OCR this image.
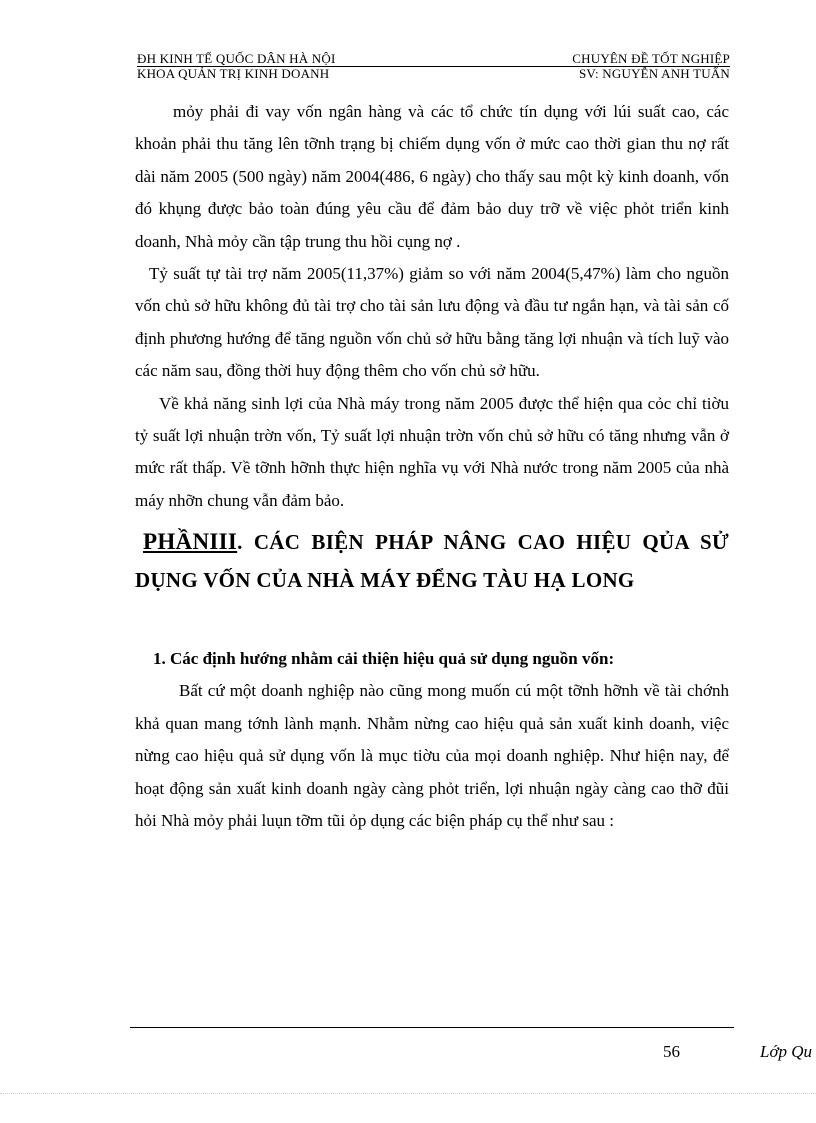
ĐH KINH TẾ QUỐC DÂN HÀ NỘI	CHUYÊN ĐỀ TỐT NGHIỆP
KHOA QUẢN TRỊ KINH DOANH	SV: NGUYỄN ANH TUẤN

mỏy phải đi vay vốn ngân hàng và các tổ chức tín dụng với lúi suất cao, các khoản phải thu tăng lên tỡnh trạng bị chiếm dụng vốn ở mức cao thời gian thu nợ rất dài năm 2005 (500 ngày) năm 2004(486, 6 ngày) cho thấy sau một kỳ kinh doanh, vốn đó khụng được bảo toàn đúng yêu cầu để đảm bảo duy trỡ về việc phỏt triển kinh doanh, Nhà mỏy cần tập trung thu hồi cụng nợ .

Tỷ suất tự tài trợ năm 2005(11,37%) giảm so với năm 2004(5,47%) làm cho nguồn vốn chủ sở hữu không đủ tài trợ cho tài sản lưu động và đầu tư ngắn hạn, và tài sản cố định phương hướng để tăng nguồn vốn chủ sở hữu bằng tăng lợi nhuận và tích luỹ vào các năm sau, đồng thời huy động thêm cho vốn chủ sở hữu.

Về khả năng sinh lợi của Nhà máy trong năm 2005 được thể hiện qua cỏc chỉ tiờu tỷ suất lợi nhuận trờn vốn, Tỷ suất lợi nhuận trờn vốn chủ sở hữu có tăng nhưng vẫn ở mức rất thấp. Về tỡnh hỡnh thực hiện nghĩa vụ với Nhà nước trong năm 2005 của nhà máy nhỡn chung vẫn đảm bảo.

PHẦNIII. CÁC BIỆN PHÁP NÂNG CAO HIỆU QỦA SỬ DỤNG VỐN CỦA NHÀ MÁY ĐỂNG TÀU HẠ LONG
1. Các định hướng nhằm cải thiện hiệu quả sử dụng nguồn vốn:

Bất cứ một doanh nghiệp nào cũng mong muốn cú một tỡnh hỡnh về tài chớnh khả quan mang tớnh lành mạnh. Nhằm nừng cao hiệu quả sản xuất kinh doanh, việc nừng cao hiệu quả sử dụng vốn là mục tiờu của mọi doanh nghiệp. Như hiện nay, để hoạt động sản xuất kinh doanh ngày càng phỏt triển, lợi nhuận ngày càng cao thỡ đũi hỏi Nhà mỏy phải luụn tỡm tũi ỏp dụng các biện pháp cụ thể như sau :

56	Lớp Qu
